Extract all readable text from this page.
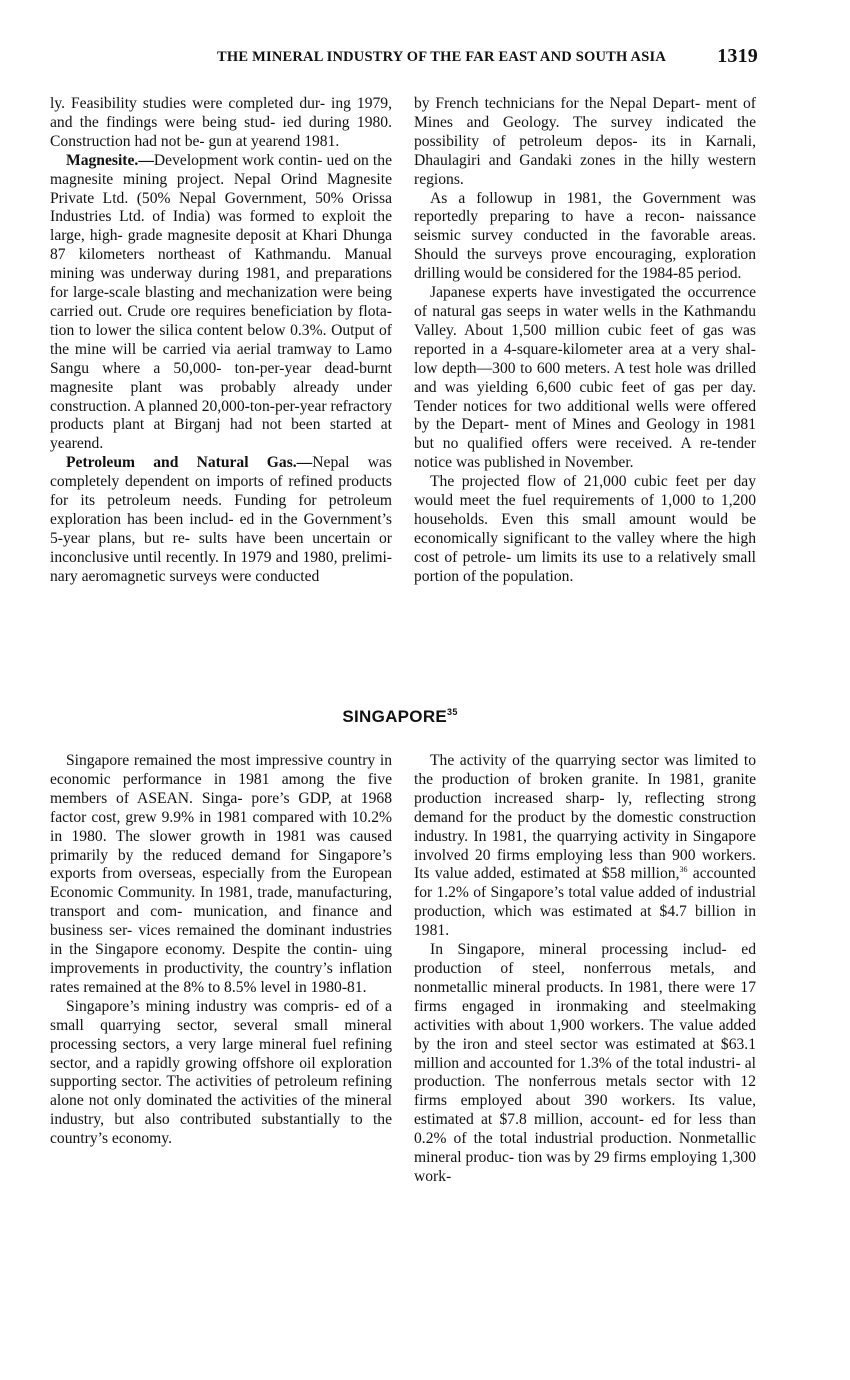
THE MINERAL INDUSTRY OF THE FAR EAST AND SOUTH ASIA	1319

ly. Feasibility studies were completed dur- ing 1979, and the findings were being stud- ied during 1980. Construction had not be- gun at yearend 1981.

Magnesite.—Development work contin- ued on the magnesite mining project. Nepal Orind Magnesite Private Ltd. (50% Nepal Government, 50% Orissa Industries Ltd. of India) was formed to exploit the large, high- grade magnesite deposit at Khari Dhunga 87 kilometers northeast of Kathmandu. Manual mining was underway during 1981, and preparations for large-scale blasting and mechanization were being carried out. Crude ore requires beneficiation by flota- tion to lower the silica content below 0.3%. Output of the mine will be carried via aerial tramway to Lamo Sangu where a 50,000- ton-per-year dead-burnt magnesite plant was probably already under construction. A planned 20,000-ton-per-year refractory products plant at Birganj had not been started at yearend.

Petroleum and Natural Gas.—Nepal was completely dependent on imports of refined products for its petroleum needs. Funding for petroleum exploration has been includ- ed in the Government’s 5-year plans, but re- sults have been uncertain or inconclusive until recently. In 1979 and 1980, prelimi- nary aeromagnetic surveys were conducted

by French technicians for the Nepal Depart- ment of Mines and Geology. The survey indicated the possibility of petroleum depos- its in Karnali, Dhaulagiri and Gandaki zones in the hilly western regions.

As a followup in 1981, the Government was reportedly preparing to have a recon- naissance seismic survey conducted in the favorable areas. Should the surveys prove encouraging, exploration drilling would be considered for the 1984-85 period.

Japanese experts have investigated the occurrence of natural gas seeps in water wells in the Kathmandu Valley. About 1,500 million cubic feet of gas was reported in a 4-square-kilometer area at a very shal- low depth—300 to 600 meters. A test hole was drilled and was yielding 6,600 cubic feet of gas per day. Tender notices for two additional wells were offered by the Depart- ment of Mines and Geology in 1981 but no qualified offers were received. A re-tender notice was published in November.

The projected flow of 21,000 cubic feet per day would meet the fuel requirements of 1,000 to 1,200 households. Even this small amount would be economically significant to the valley where the high cost of petrole- um limits its use to a relatively small portion of the population.

SINGAPORE$^{35}$

Singapore remained the most impressive country in economic performance in 1981 among the five members of ASEAN. Singa- pore’s GDP, at 1968 factor cost, grew 9.9% in 1981 compared with 10.2% in 1980. The slower growth in 1981 was caused primarily by the reduced demand for Singapore’s exports from overseas, especially from the European Economic Community. In 1981, trade, manufacturing, transport and com- munication, and finance and business ser- vices remained the dominant industries in the Singapore economy. Despite the contin- uing improvements in productivity, the country’s inflation rates remained at the 8% to 8.5% level in 1980-81.

Singapore’s mining industry was compris- ed of a small quarrying sector, several small mineral processing sectors, a very large mineral fuel refining sector, and a rapidly growing offshore oil exploration supporting sector. The activities of petroleum refining alone not only dominated the activities of the mineral industry, but also contributed substantially to the country’s economy.

The activity of the quarrying sector was limited to the production of broken granite. In 1981, granite production increased sharp- ly, reflecting strong demand for the product by the domestic construction industry. In 1981, the quarrying activity in Singapore involved 20 firms employing less than 900 workers. Its value added, estimated at $58 million,$^{36}$ accounted for 1.2% of Singapore’s total value added of industrial production, which was estimated at $4.7 billion in 1981.

In Singapore, mineral processing includ- ed production of steel, nonferrous metals, and nonmetallic mineral products. In 1981, there were 17 firms engaged in ironmaking and steelmaking activities with about 1,900 workers. The value added by the iron and steel sector was estimated at $63.1 million and accounted for 1.3% of the total industri- al production. The nonferrous metals sector with 12 firms employed about 390 workers. Its value, estimated at $7.8 million, account- ed for less than 0.2% of the total industrial production. Nonmetallic mineral produc- tion was by 29 firms employing 1,300 work-
